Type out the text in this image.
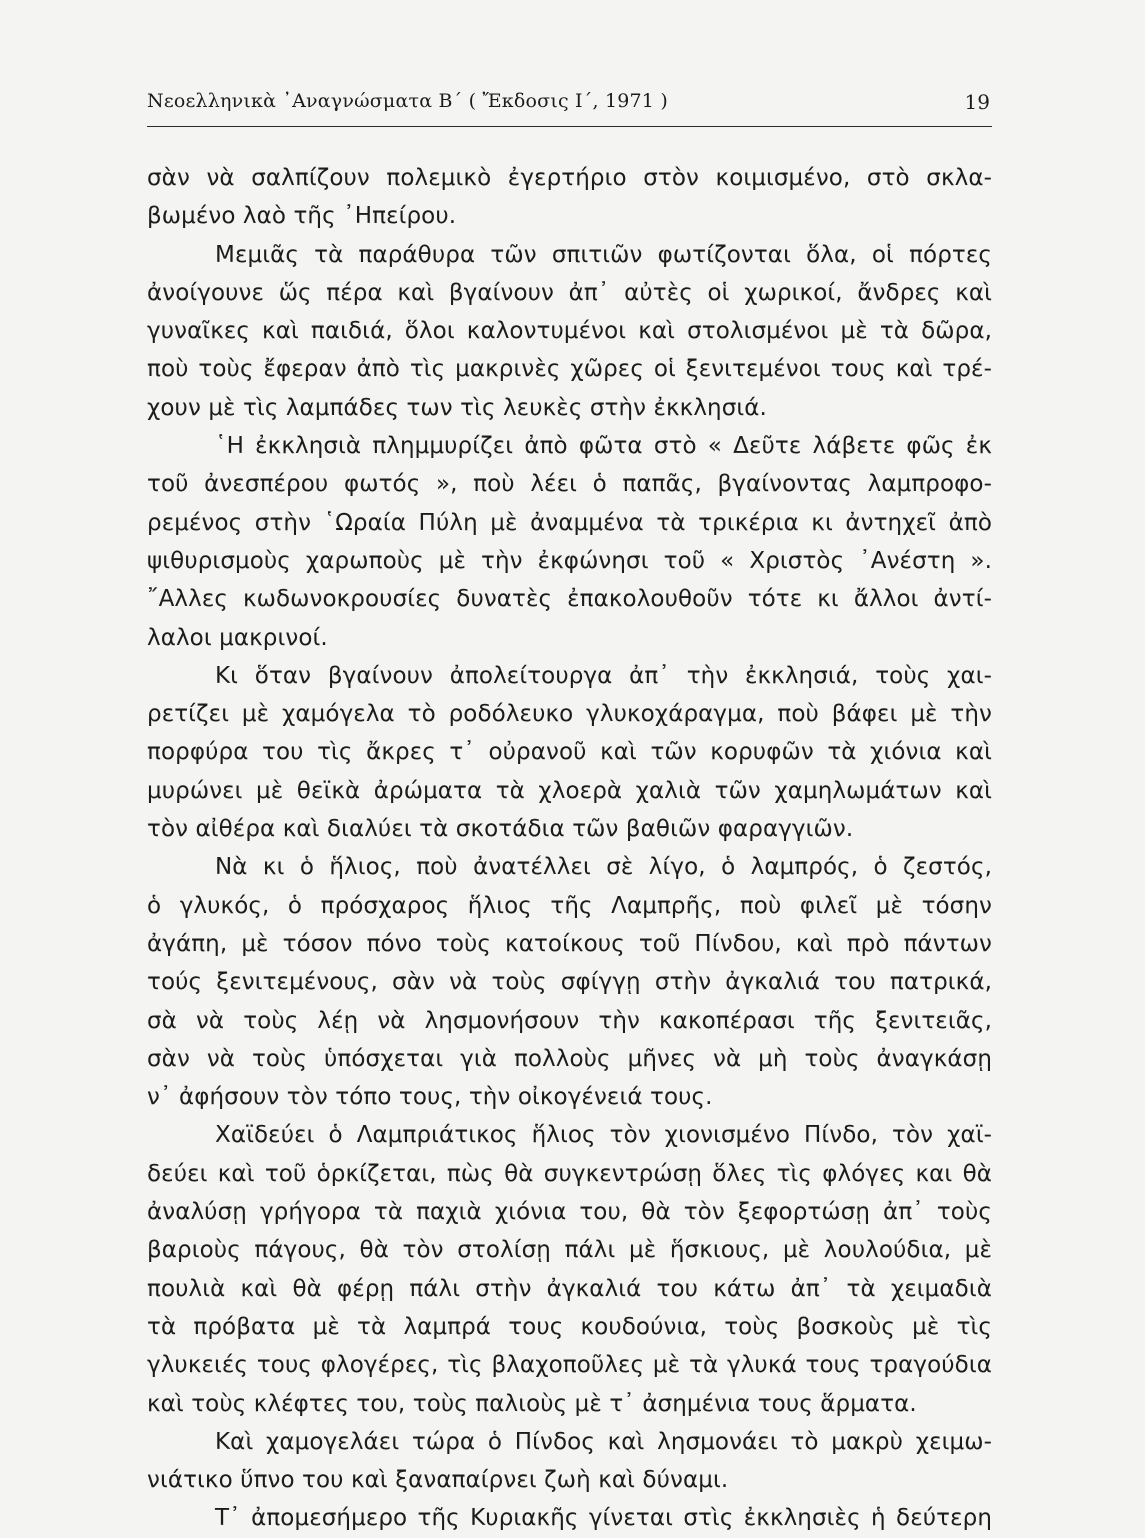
Νεοελληνικὰ ᾿Αναγνώσματα Β΄ ( Ἔκδοσις Ι΄, 1971 )	19
σὰν νὰ σαλπίζουν πολεμικὸ ἐγερτήριο στὸν κοιμισμένο, στὸ σκλα-
βωμένο λαὸ τῆς ᾿Ηπείρου.
Μεμιᾶς τὰ παράθυρα τῶν σπιτιῶν φωτίζονται ὅλα, οἱ πόρτες
ἀνοίγουνε ὥς πέρα καὶ βγαίνουν ἀπ᾿ αὐτὲς οἱ χωρικοί, ἄνδρες καὶ
γυναῖκες καὶ παιδιά, ὅλοι καλοντυμένοι καὶ στολισμένοι μὲ τὰ δῶρα,
ποὺ τοὺς ἔφεραν ἀπὸ τὶς μακρινὲς χῶρες οἱ ξενιτεμένοι τους καὶ τρέ-
χουν μὲ τὶς λαμπάδες των τὶς λευκὲς στὴν ἐκκλησιά.
῾Η ἐκκλησιὰ πλημμυρίζει ἀπὸ φῶτα στὸ « Δεῦτε λάβετε φῶς ἐκ
τοῦ ἀνεσπέρου φωτός », ποὺ λέει ὁ παπᾶς, βγαίνοντας λαμπροφο-
ρεμένος στὴν ῾Ωραία Πύλη μὲ ἀναμμένα τὰ τρικέρια κι ἀντηχεῖ ἀπὸ
ψιθυρισμοὺς χαρωποὺς μὲ τὴν ἐκφώνησι τοῦ « Χριστὸς ᾿Ανέστη ».
῎Αλλες κωδωνοκρουσίες δυνατὲς ἐπακολουθοῦν τότε κι ἄλλοι ἀντί-
λαλοι μακρινοί.
Κι ὅταν βγαίνουν ἀπολείτουργα ἀπ᾿ τὴν ἐκκλησιά, τοὺς χαι-
ρετίζει μὲ χαμόγελα τὸ ροδόλευκο γλυκοχάραγμα, ποὺ βάφει μὲ τὴν
πορφύρα του τὶς ἄκρες τ᾿ οὐρανοῦ καὶ τῶν κορυφῶν τὰ χιόνια καὶ
μυρώνει μὲ θεϊκὰ ἀρώματα τὰ χλοερὰ χαλιὰ τῶν χαμηλωμάτων καὶ
τὸν αἰθέρα καὶ διαλύει τὰ σκοτάδια τῶν βαθιῶν φαραγγιῶν.
Νὰ κι ὁ ἥλιος, ποὺ ἀνατέλλει σὲ λίγο, ὁ λαμπρός, ὁ ζεστός,
ὁ γλυκός, ὁ πρόσχαρος ἥλιος τῆς Λαμπρῆς, ποὺ φιλεῖ μὲ τόσην
ἀγάπη, μὲ τόσον πόνο τοὺς κατοίκους τοῦ Πίνδου, καὶ πρὸ πάντων
τούς ξενιτεμένους, σὰν νὰ τοὺς σφίγγῃ στὴν ἀγκαλιά του πατρικά,
σὰ νὰ τοὺς λέῃ νὰ λησμονήσουν τὴν κακοπέρασι τῆς ξενιτειᾶς,
σὰν νὰ τοὺς ὑπόσχεται γιὰ πολλοὺς μῆνες νὰ μὴ τοὺς ἀναγκάσῃ
ν᾿ ἀφήσουν τὸν τόπο τους, τὴν οἰκογένειά τους.
Χαϊδεύει ὁ Λαμπριάτικος ἥλιος τὸν χιονισμένο Πίνδο, τὸν χαϊ-
δεύει καὶ τοῦ ὁρκίζεται, πὼς θὰ συγκεντρώσῃ ὅλες τὶς φλόγες και θὰ
ἀναλύσῃ γρήγορα τὰ παχιὰ χιόνια του, θὰ τὸν ξεφορτώσῃ ἀπ᾿ τοὺς
βαριοὺς πάγους, θὰ τὸν στολίσῃ πάλι μὲ ἥσκιους, μὲ λουλούδια, μὲ
πουλιὰ καὶ θὰ φέρῃ πάλι στὴν ἀγκαλιά του κάτω ἀπ᾿ τὰ χειμαδιὰ
τὰ πρόβατα μὲ τὰ λαμπρά τους κουδούνια, τοὺς βοσκοὺς μὲ τὶς
γλυκειές τους φλογέρες, τὶς βλαχοποῦλες μὲ τὰ γλυκά τους τραγούδια
καὶ τοὺς κλέφτες του, τοὺς παλιοὺς μὲ τ᾿ ἀσημένια τους ἅρματα.
Καὶ χαμογελάει τώρα ὁ Πίνδος καὶ λησμονάει τὸ μακρὺ χειμω-
νιάτικο ὕπνο του καὶ ξαναπαίρνει ζωὴ καὶ δύναμι.
Τ᾿ ἀπομεσήμερο τῆς Κυριακῆς γίνεται στὶς ἐκκλησιὲς ἡ δεύτερη
